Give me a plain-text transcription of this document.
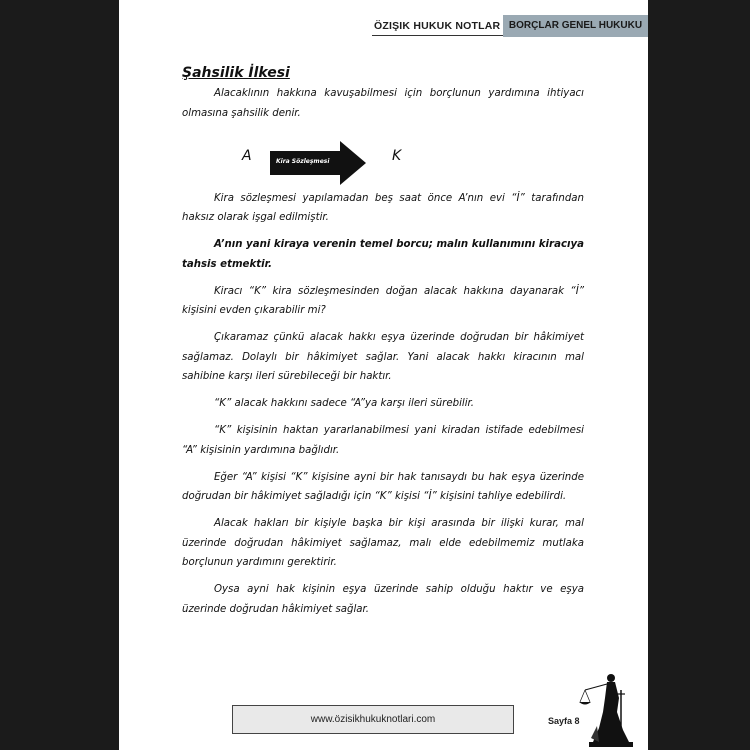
ÖZIŞIK HUKUK NOTLAR BORÇLAR GENEL HUKUKU
Şahsilik İlkesi

Alacaklının hakkına kavuşabilmesi için borçlunun yardımına ihtiyacı olmasına şahsilik denir.

A	Kira Sözleşmesi	K

Kira sözleşmesi yapılamadan beş saat önce A’nın evi “İ” tarafından haksız olarak işgal edilmiştir.

A’nın yani kiraya verenin temel borcu; malın kullanımını kiracıya tahsis etmektir.

Kiracı “K” kira sözleşmesinden doğan alacak hakkına dayanarak “İ” kişisini evden çıkarabilir mi?

Çıkaramaz çünkü alacak hakkı eşya üzerinde doğrudan bir hâkimiyet sağlamaz. Dolaylı bir hâkimiyet sağlar. Yani alacak hakkı kiracının mal sahibine karşı ileri sürebileceği bir haktır.

“K” alacak hakkını sadece “A”ya karşı ileri sürebilir.

“K” kişisinin haktan yararlanabilmesi yani kiradan istifade edebilmesi “A” kişisinin yardımına bağlıdır.

Eğer “A” kişisi “K” kişisine ayni bir hak tanısaydı bu hak eşya üzerinde doğrudan bir hâkimiyet sağladığı için “K” kişisi “İ” kişisini tahliye edebilirdi.

Alacak hakları bir kişiyle başka bir kişi arasında bir ilişki kurar, mal üzerinde doğrudan hâkimiyet sağlamaz, malı elde edebilmemiz mutlaka borçlunun yardımını gerektirir.

Oysa ayni hak kişinin eşya üzerinde sahip olduğu haktır ve eşya üzerinde doğrudan hâkimiyet sağlar.

www.özisikhukuknotlari.com	Sayfa 8
